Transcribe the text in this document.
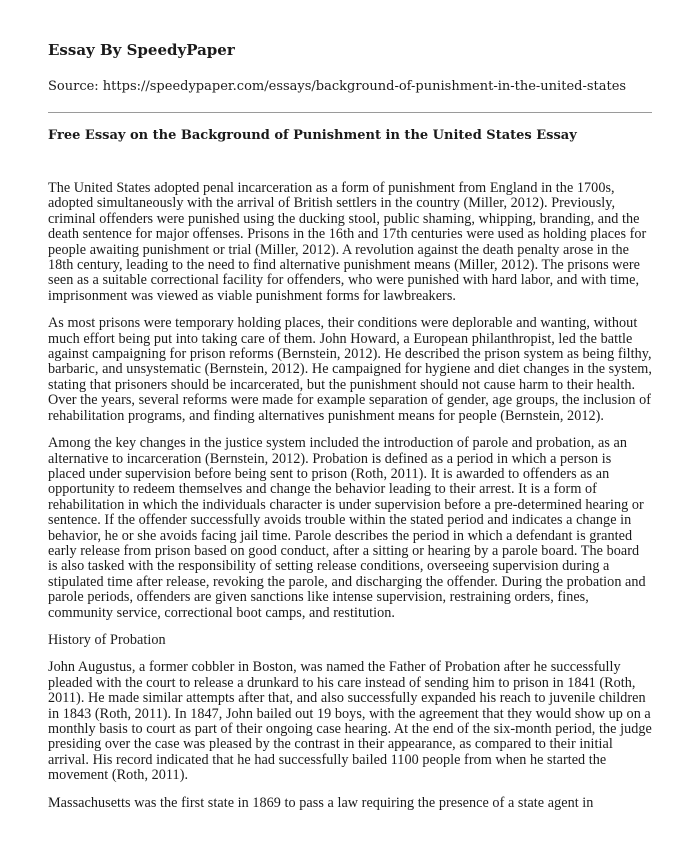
Essay By SpeedyPaper

Source: https://speedypaper.com/essays/background-of-punishment-in-the-united-states

Free Essay on the Background of Punishment in the United States Essay

The United States adopted penal incarceration as a form of punishment from England in the 1700s, adopted simultaneously with the arrival of British settlers in the country (Miller, 2012). Previously, criminal offenders were punished using the ducking stool, public shaming, whipping, branding, and the death sentence for major offenses. Prisons in the 16th and 17th centuries were used as holding places for people awaiting punishment or trial (Miller, 2012). A revolution against the death penalty arose in the 18th century, leading to the need to find alternative punishment means (Miller, 2012). The prisons were seen as a suitable correctional facility for offenders, who were punished with hard labor, and with time, imprisonment was viewed as viable punishment forms for lawbreakers.

As most prisons were temporary holding places, their conditions were deplorable and wanting, without much effort being put into taking care of them. John Howard, a European philanthropist, led the battle against campaigning for prison reforms (Bernstein, 2012). He described the prison system as being filthy, barbaric, and unsystematic (Bernstein, 2012). He campaigned for hygiene and diet changes in the system, stating that prisoners should be incarcerated, but the punishment should not cause harm to their health. Over the years, several reforms were made for example separation of gender, age groups, the inclusion of rehabilitation programs, and finding alternatives punishment means for people (Bernstein, 2012).

Among the key changes in the justice system included the introduction of parole and probation, as an alternative to incarceration (Bernstein, 2012). Probation is defined as a period in which a person is placed under supervision before being sent to prison (Roth, 2011). It is awarded to offenders as an opportunity to redeem themselves and change the behavior leading to their arrest. It is a form of rehabilitation in which the individuals character is under supervision before a pre-determined hearing or sentence. If the offender successfully avoids trouble within the stated period and indicates a change in behavior, he or she avoids facing jail time. Parole describes the period in which a defendant is granted early release from prison based on good conduct, after a sitting or hearing by a parole board. The board is also tasked with the responsibility of setting release conditions, overseeing supervision during a stipulated time after release, revoking the parole, and discharging the offender. During the probation and parole periods, offenders are given sanctions like intense supervision, restraining orders, fines, community service, correctional boot camps, and restitution.

History of Probation

John Augustus, a former cobbler in Boston, was named the Father of Probation after he successfully pleaded with the court to release a drunkard to his care instead of sending him to prison in 1841 (Roth, 2011). He made similar attempts after that, and also successfully expanded his reach to juvenile children in 1843 (Roth, 2011). In 1847, John bailed out 19 boys, with the agreement that they would show up on a monthly basis to court as part of their ongoing case hearing. At the end of the six-month period, the judge presiding over the case was pleased by the contrast in their appearance, as compared to their initial arrival. His record indicated that he had successfully bailed 1100 people from when he started the movement (Roth, 2011).

Massachusetts was the first state in 1869 to pass a law requiring the presence of a state agent in
